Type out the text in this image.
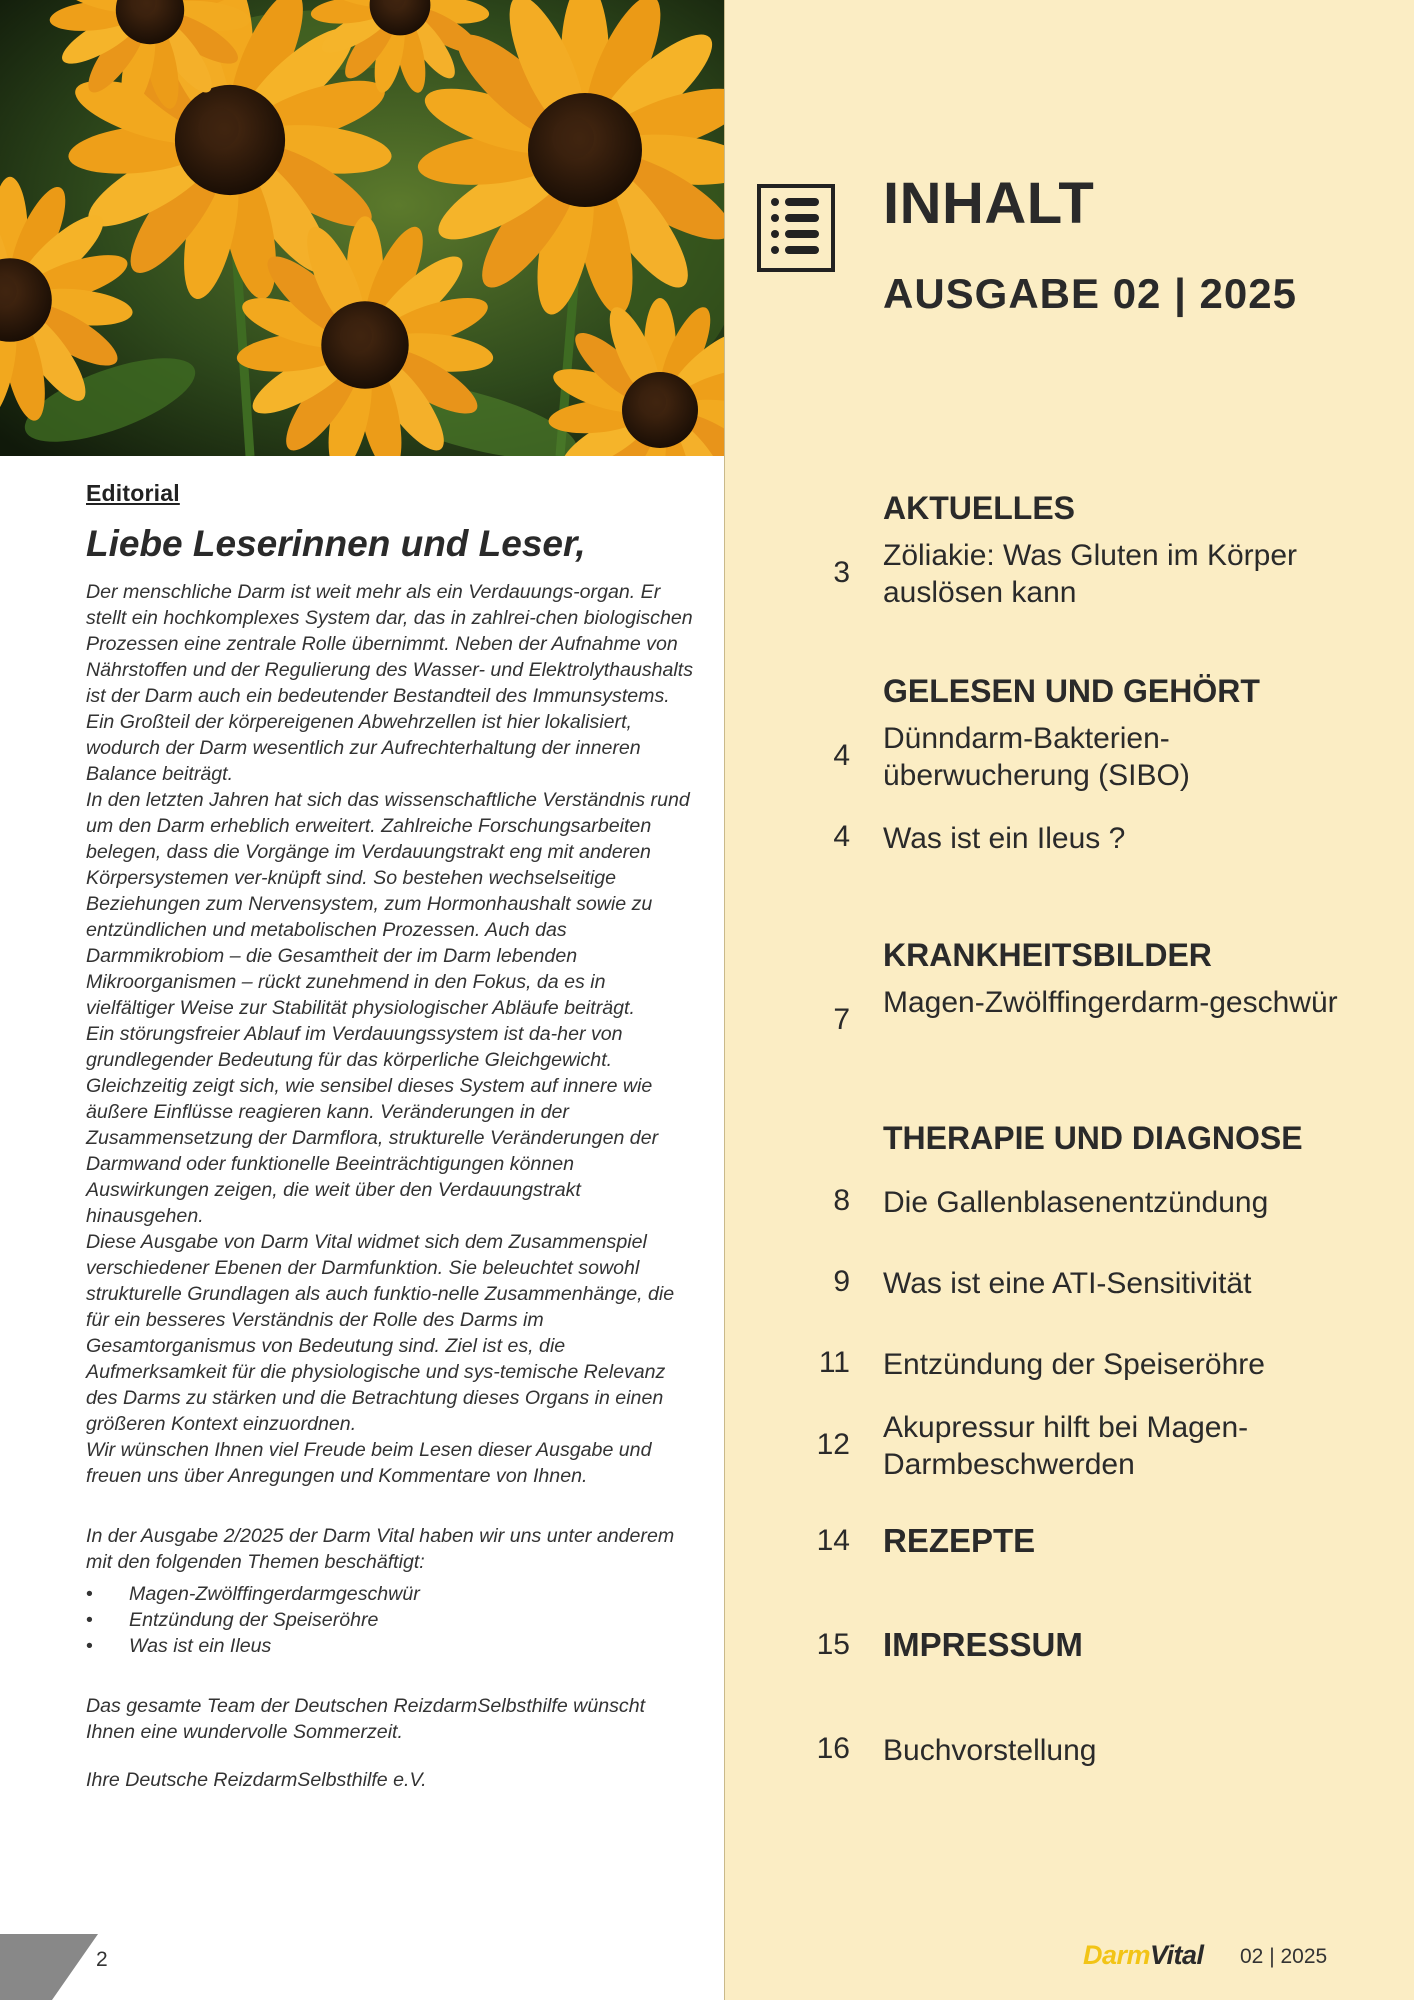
Editorial
Liebe Leserinnen und Leser,

Der menschliche Darm ist weit mehr als ein Verdauungs-organ. Er stellt ein hochkomplexes System dar, das in zahlrei-chen biologischen Prozessen eine zentrale Rolle übernimmt. Neben der Aufnahme von Nährstoffen und der Regulierung des Wasser- und Elektrolythaushalts ist der Darm auch ein bedeutender Bestandteil des Immunsystems. Ein Großteil der körpereigenen Abwehrzellen ist hier lokalisiert, wodurch der Darm wesentlich zur Aufrechterhaltung der inneren Balance beiträgt.

In den letzten Jahren hat sich das wissenschaftliche Verständnis rund um den Darm erheblich erweitert. Zahlreiche Forschungsarbeiten belegen, dass die Vorgänge im Verdauungstrakt eng mit anderen Körpersystemen ver-knüpft sind. So bestehen wechselseitige Beziehungen zum Nervensystem, zum Hormonhaushalt sowie zu entzündlichen und metabolischen Prozessen. Auch das Darmmikrobiom – die Gesamtheit der im Darm lebenden Mikroorganismen – rückt zunehmend in den Fokus, da es in vielfältiger Weise zur Stabilität physiologischer Abläufe beiträgt.

Ein störungsfreier Ablauf im Verdauungssystem ist da-her von grundlegender Bedeutung für das körperliche Gleichgewicht. Gleichzeitig zeigt sich, wie sensibel dieses System auf innere wie äußere Einflüsse reagieren kann. Veränderungen in der Zusammensetzung der Darmflora, strukturelle Veränderungen der Darmwand oder funktionelle Beeinträchtigungen können Auswirkungen zeigen, die weit über den Verdauungstrakt hinausgehen.

Diese Ausgabe von Darm Vital widmet sich dem Zusammenspiel verschiedener Ebenen der Darmfunktion. Sie beleuchtet sowohl strukturelle Grundlagen als auch funktio-nelle Zusammenhänge, die für ein besseres Verständnis der Rolle des Darms im Gesamtorganismus von Bedeutung sind. Ziel ist es, die Aufmerksamkeit für die physiologische und sys-temische Relevanz des Darms zu stärken und die Betrachtung dieses Organs in einen größeren Kontext einzuordnen.

Wir wünschen Ihnen viel Freude beim Lesen dieser Ausgabe und freuen uns über Anregungen und Kommentare von Ihnen.

In der Ausgabe 2/2025 der Darm Vital haben wir uns unter anderem mit den folgenden Themen beschäftigt:

• Magen-Zwölffingerdarmgeschwür
• Entzündung der Speiseröhre
• Was ist ein Ileus

Das gesamte Team der Deutschen ReizdarmSelbsthilfe wünscht Ihnen eine wundervolle Sommerzeit.

Ihre Deutsche ReizdarmSelbsthilfe e.V.

2
INHALT
AUSGABE 02 | 2025
AKTUELLES
3
Zöliakie: Was Gluten im Körper auslösen kann
GELESEN UND GEHÖRT
4
Dünndarm-Bakterien-überwucherung (SIBO)
4 Was ist ein Ileus ?
KRANKHEITSBILDER
7
Magen-Zwölffingerdarm-geschwür
THERAPIE UND DIAGNOSE
8 Die Gallenblasenentzündung
9 Was ist eine ATI-Sensitivität
11 Entzündung der Speiseröhre
12
Akupressur hilft bei Magen-Darmbeschwerden
14 REZEPTE
15 IMPRESSUM
16 Buchvorstellung
DarmVital 02 | 2025
